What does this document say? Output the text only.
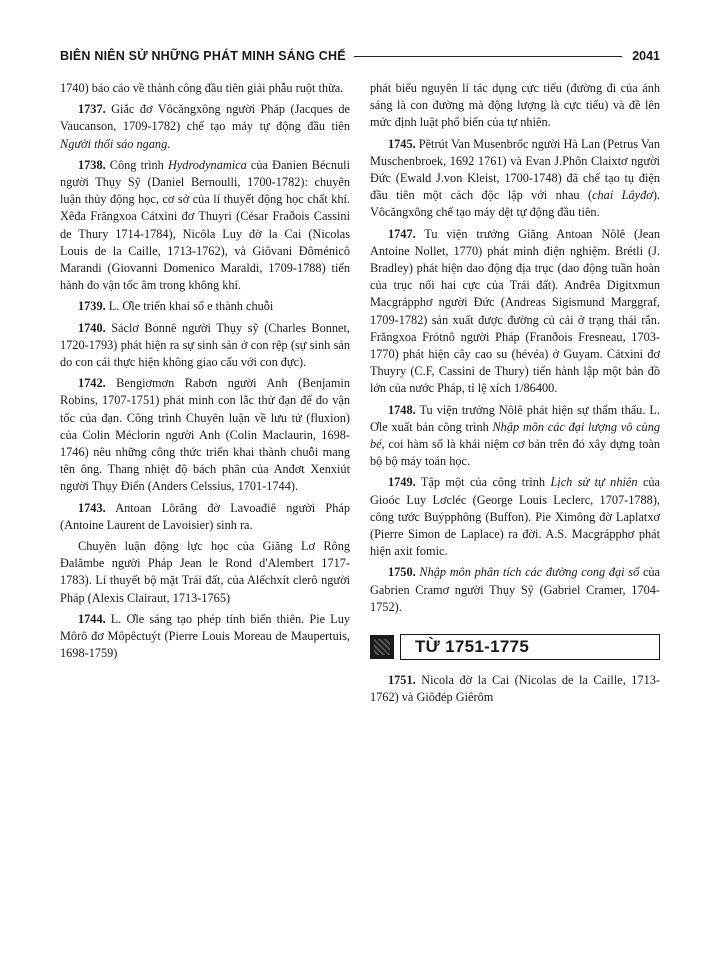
BIÊN NIÊN SỬ NHỮNG PHÁT MINH SÁNG CHẾ	2041

1740) báo cáo về thành công đầu tiên giải phẫu ruột thừa.

1737. Giắc đơ Vôcăngxông người Pháp (Jacques de Vaucanson, 1709-1782) chế tạo máy tự động đầu tiên Người thổi sáo ngang.

1738. Công trình Hydrodynamica của Đanien Bécnuli người Thụy Sỹ (Daniel Bernoulli, 1700-1782): chuyên luận thủy động học, cơ sở của lí thuyết động học chất khí. Xêđa Frăngxoa Cátxini đơ Thuyri (César Fraðois Cassini de Thury 1714-1784), Nicôla Luy đờ la Cai (Nicolas Louis de la Caille, 1713-1762), và Giôvani Đôménicô Marandi (Giovanni Domenico Maraldi, 1709-1788) tiến hành đo vận tốc âm trong không khí.

1739. L. Ơle triển khai số e thành chuỗi

1740. Sáclơ Bonnê người Thụy sỹ (Charles Bonnet, 1720-1793) phát hiện ra sự sinh sản ở con rệp (sự sinh sản do con cái thực hiện không giao cấu với con đực).

1742. Bengiơmơn Rabơn người Anh (Benjamin Robins, 1707-1751) phát minh con lắc thử đạn để đo vận tốc của đạn. Công trình Chuyên luận về lưu tử (fluxion) của Colin Méclorin người Anh (Colin Maclaurin, 1698-1746) nêu những công thức triển khai thành chuỗi mang tên ông. Thang nhiệt độ bách phân của Anđơt Xenxiút người Thụy Điển (Anders Celssius, 1701-1744).

1743. Antoan Lôrăng đờ Lavoađiê người Pháp (Antoine Laurent de Lavoisier) sinh ra.

Chuyên luận động lực học của Giăng Lơ Rông Đalămbe người Pháp Jean le Rond d'Alembert 1717-1783). Lí thuyết bộ mặt Trái đất, của Alếchxít clerô người Pháp (Alexis Clairaut, 1713-1765)

1744. L. Ơle sáng tạo phép tính biến thiên. Pie Luy Môrô đơ Môpêctuýt (Pierre Louis Moreau de Maupertuis, 1698-1759)

phát biểu nguyên lí tác dụng cực tiểu (đường đi của ánh sáng là con đường mà động lượng là cực tiểu) và đề lên mức định luật phổ biến của tự nhiên.

1745. Pêtrút Van Musenbrốc người Hà Lan (Petrus Van Muschenbroek, 1692 1761) và Evan J.Phôn Claixtơ người Đức (Ewald J.von Kleist, 1700-1748) đã chế tạo tụ điện đầu tiên một cách độc lập với nhau (chai Lâyđơ). Vôcăngxông chế tạo máy dệt tự động đầu tiên.

1747. Tu viện trưởng Giăng Antoan Nôlê (Jean Antoine Nollet, 1770) phát minh điện nghiệm. Brétli (J. Bradley) phát hiện dao động địa trục (dao động tuần hoàn của trục nối hai cực của Trái đất). Anđrêa Digitxmun Macgrápphơ người Đức (Andreas Sigismund Marggraf, 1709-1782) sản xuất được đường củ cải ở trạng thái rắn. Frăngxoa Frótnô người Pháp (Franðois Fresneau, 1703-1770) phát hiện cây cao su (hévéa) ở Guyam. Cátxini đơ Thuyry (C.F, Cassini de Thury) tiến hành lập một bản đồ lớn của nước Pháp, tỉ lệ xích 1/86400.

1748. Tu viện trưởng Nôlê phát hiện sự thẩm thấu. L. Ơle xuất bản công trình Nhập môn các đại lượng vô cùng bé, coi hàm số là khái niệm cơ bản trên đó xây dựng toàn bộ bộ máy toán học.

1749. Tập một của công trình Lịch sử tự nhiên của Gioóc Luy Lơcléc (George Louis Leclerc, 1707-1788), công tước Buýpphông (Buffon). Pie Ximông đờ Laplatxơ (Pierre Simon de Laplace) ra đời. A.S. Macgrápphơ phát hiện axit fomic.

1750. Nhập môn phân tích các đường cong đại số của Gabrien Cramơ người Thụy Sỹ (Gabriel Cramer, 1704-1752).

TỪ 1751-1775

1751. Nicola đờ la Cai (Nicolas de la Caille, 1713-1762) và Giôđép Giêrôm
